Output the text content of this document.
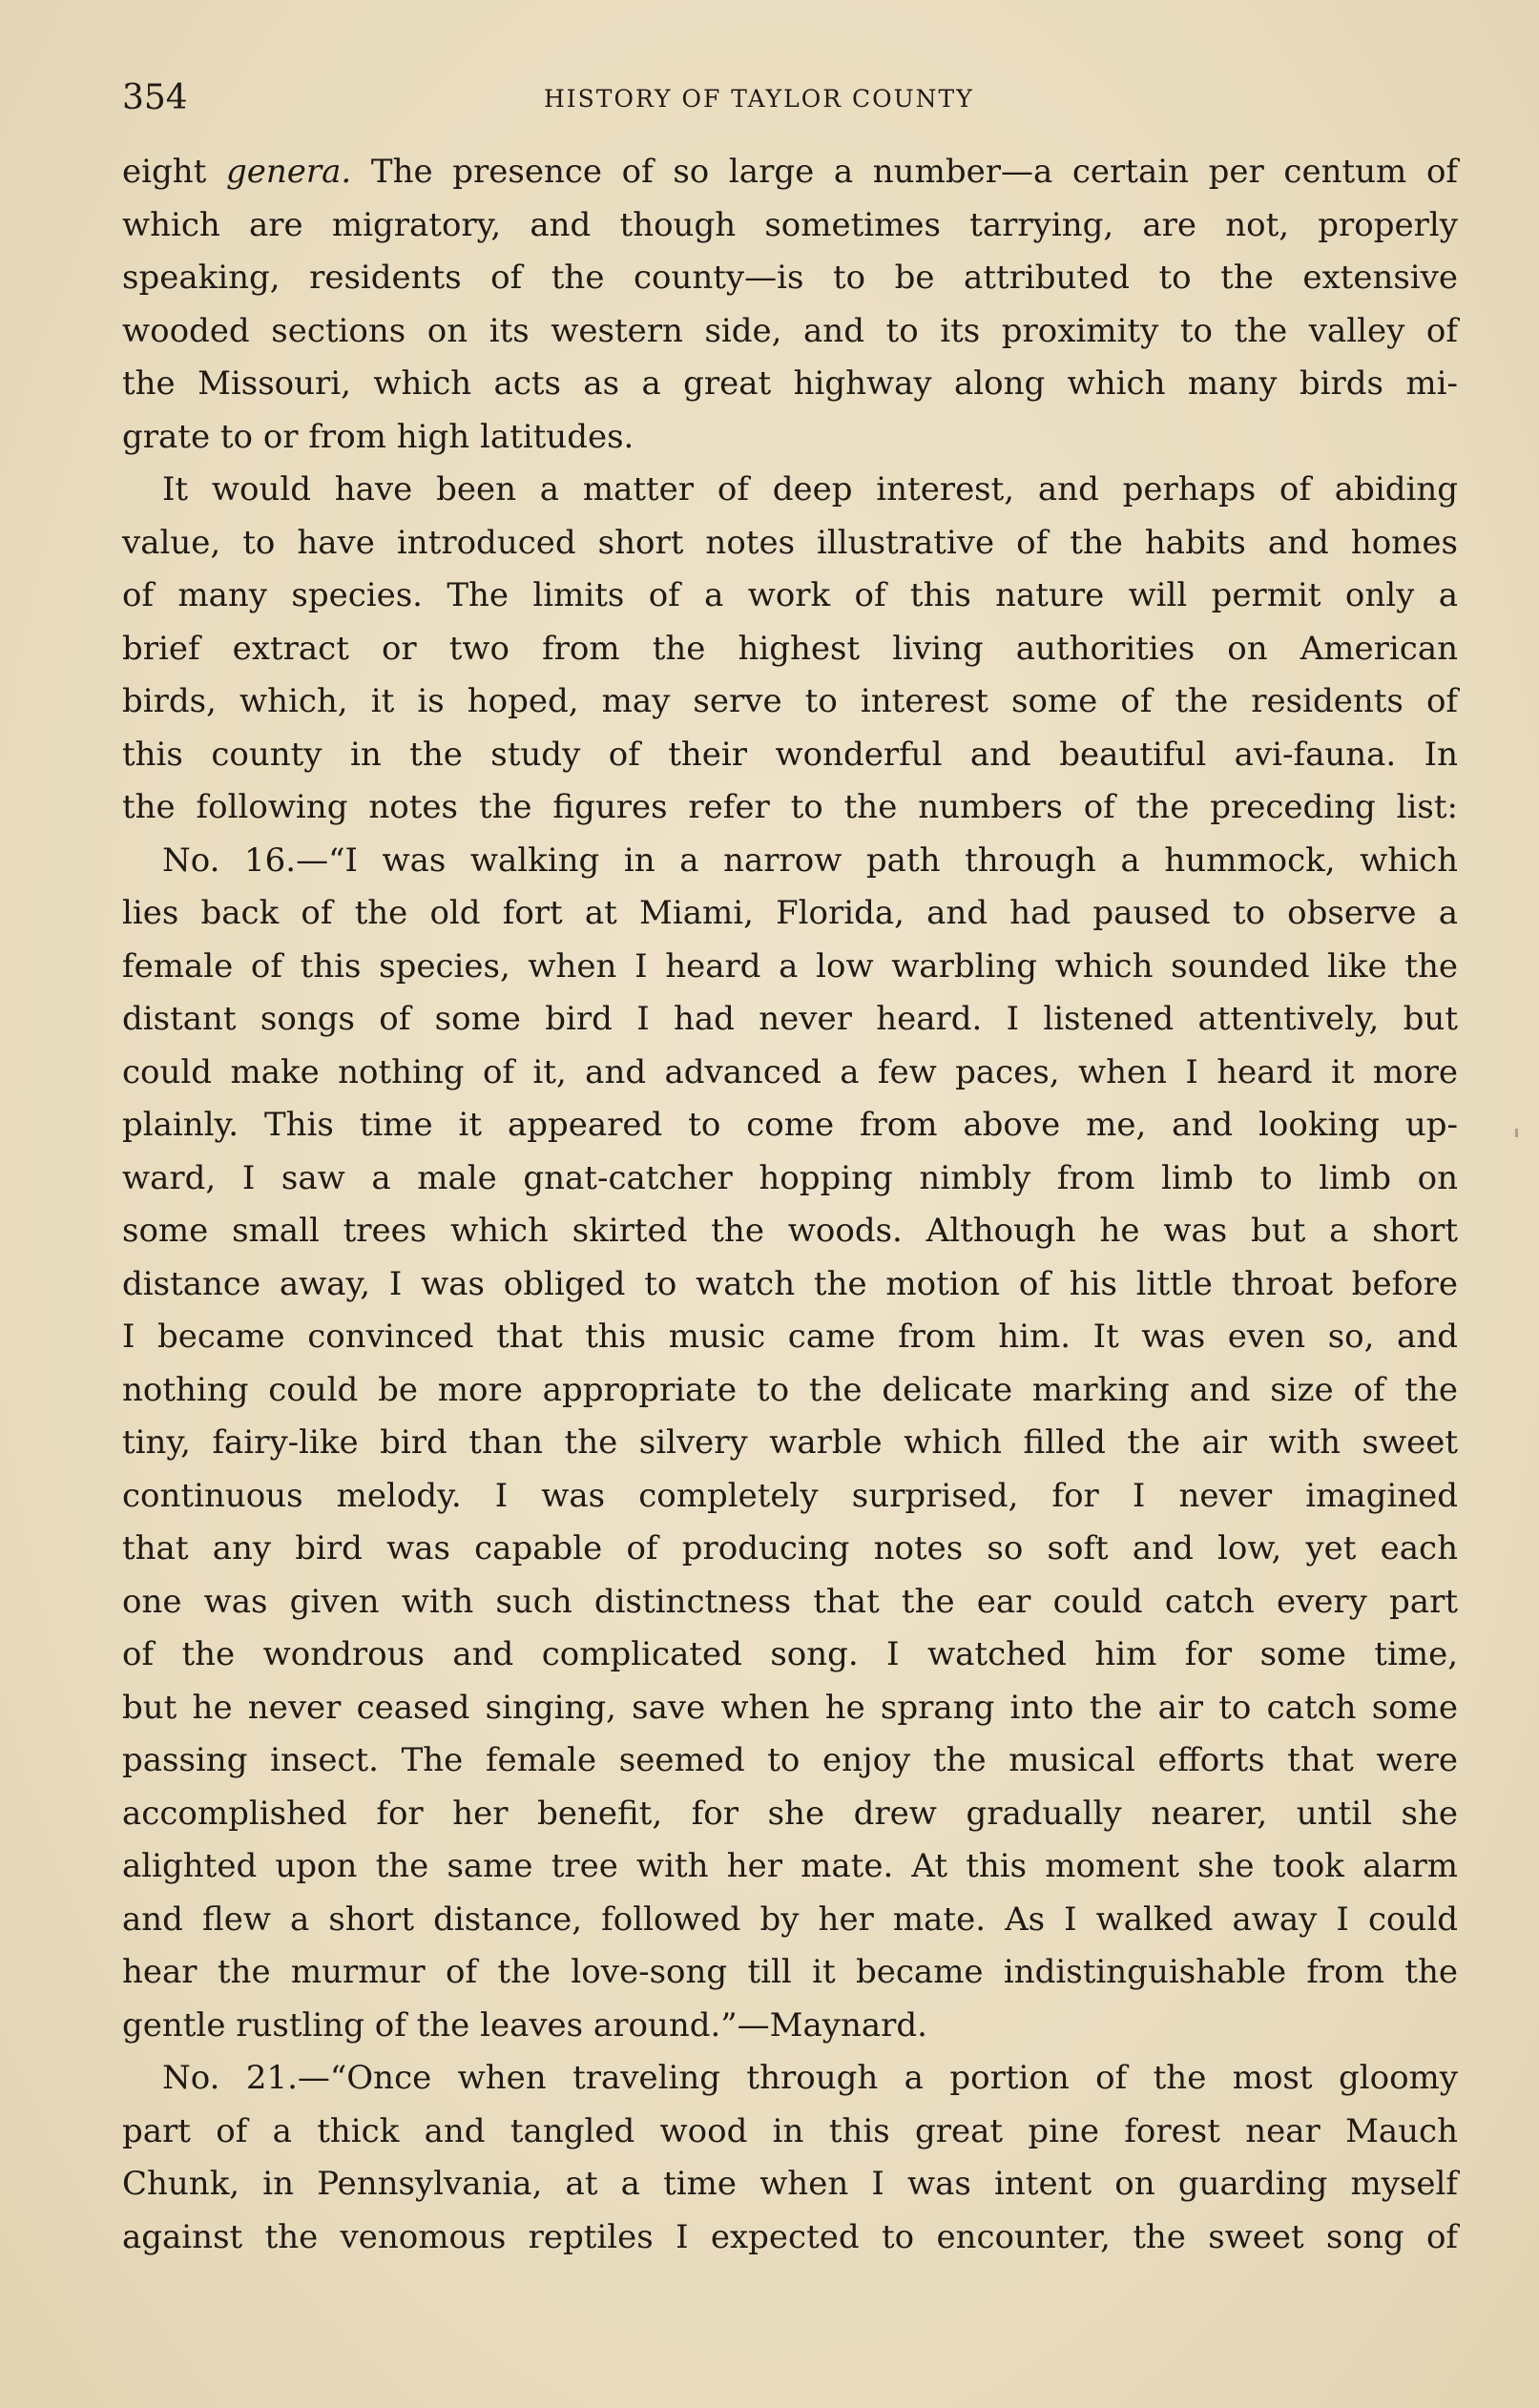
354	HISTORY OF TAYLOR COUNTY
eight genera. The presence of so large a number—a certain per centum of
which are migratory, and though sometimes tarrying, are not, properly
speaking, residents of the county—is to be attributed to the extensive
wooded sections on its western side, and to its proximity to the valley of
the Missouri, which acts as a great highway along which many birds mi-
grate to or from high latitudes.
It would have been a matter of deep interest, and perhaps of abiding
value, to have introduced short notes illustrative of the habits and homes
of many species. The limits of a work of this nature will permit only a
brief extract or two from the highest living authorities on American
birds, which, it is hoped, may serve to interest some of the residents of
this county in the study of their wonderful and beautiful avi-fauna. In
the following notes the figures refer to the numbers of the preceding list:
No. 16.—“I was walking in a narrow path through a hummock, which
lies back of the old fort at Miami, Florida, and had paused to observe a
female of this species, when I heard a low warbling which sounded like the
distant songs of some bird I had never heard. I listened attentively, but
could make nothing of it, and advanced a few paces, when I heard it more
plainly. This time it appeared to come from above me, and looking up-
ward, I saw a male gnat-catcher hopping nimbly from limb to limb on
some small trees which skirted the woods. Although he was but a short
distance away, I was obliged to watch the motion of his little throat before
I became convinced that this music came from him. It was even so, and
nothing could be more appropriate to the delicate marking and size of the
tiny, fairy-like bird than the silvery warble which filled the air with sweet
continuous melody. I was completely surprised, for I never imagined
that any bird was capable of producing notes so soft and low, yet each
one was given with such distinctness that the ear could catch every part
of the wondrous and complicated song. I watched him for some time,
but he never ceased singing, save when he sprang into the air to catch some
passing insect. The female seemed to enjoy the musical efforts that were
accomplished for her benefit, for she drew gradually nearer, until she
alighted upon the same tree with her mate. At this moment she took alarm
and flew a short distance, followed by her mate. As I walked away I could
hear the murmur of the love-song till it became indistinguishable from the
gentle rustling of the leaves around.”—Maynard.
No. 21.—“Once when traveling through a portion of the most gloomy
part of a thick and tangled wood in this great pine forest near Mauch
Chunk, in Pennsylvania, at a time when I was intent on guarding myself
against the venomous reptiles I expected to encounter, the sweet song of
